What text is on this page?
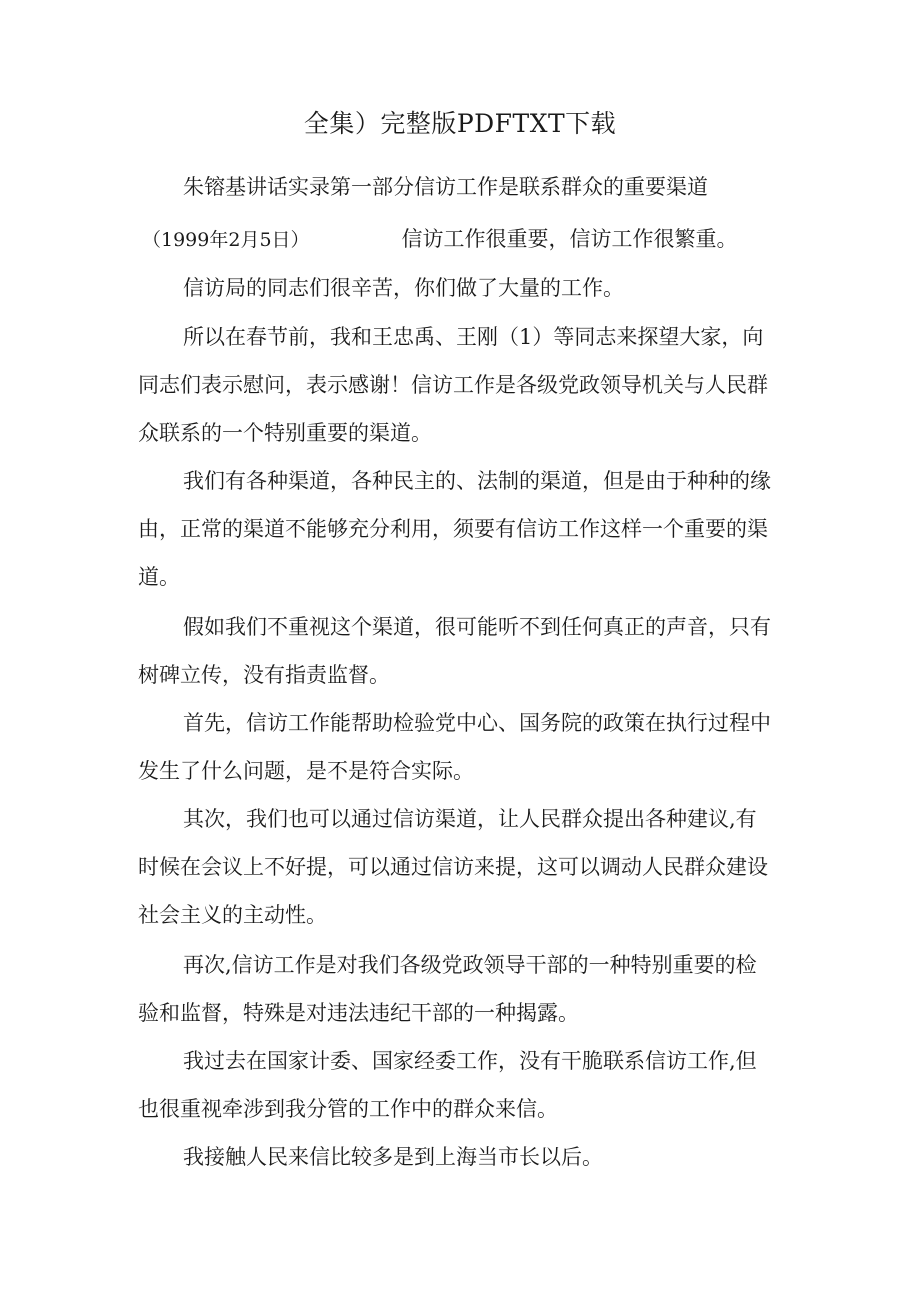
全集）完整版PDFTXT下载
朱镕基讲话实录第一部分信访工作是联系群众的重要渠道
（1999年2月5日）	信访工作很重要，信访工作很繁重。
信访局的同志们很辛苦，你们做了大量的工作。
所以在春节前，我和王忠禹、王刚（1）等同志来探望大家，向
同志们表示慰问，表示感谢！信访工作是各级党政领导机关与人民群
众联系的一个特别重要的渠道。
我们有各种渠道，各种民主的、法制的渠道，但是由于种种的缘
由，正常的渠道不能够充分利用，须要有信访工作这样一个重要的渠
道。
假如我们不重视这个渠道，很可能听不到任何真正的声音，只有
树碑立传，没有指责监督。
首先，信访工作能帮助检验党中心、国务院的政策在执行过程中
发生了什么问题，是不是符合实际。
其次，我们也可以通过信访渠道，让人民群众提出各种建议,有
时候在会议上不好提，可以通过信访来提，这可以调动人民群众建设
社会主义的主动性。
再次,信访工作是对我们各级党政领导干部的一种特别重要的检
验和监督，特殊是对违法违纪干部的一种揭露。
我过去在国家计委、国家经委工作，没有干脆联系信访工作,但
也很重视牵涉到我分管的工作中的群众来信。
我接触人民来信比较多是到上海当市长以后。
